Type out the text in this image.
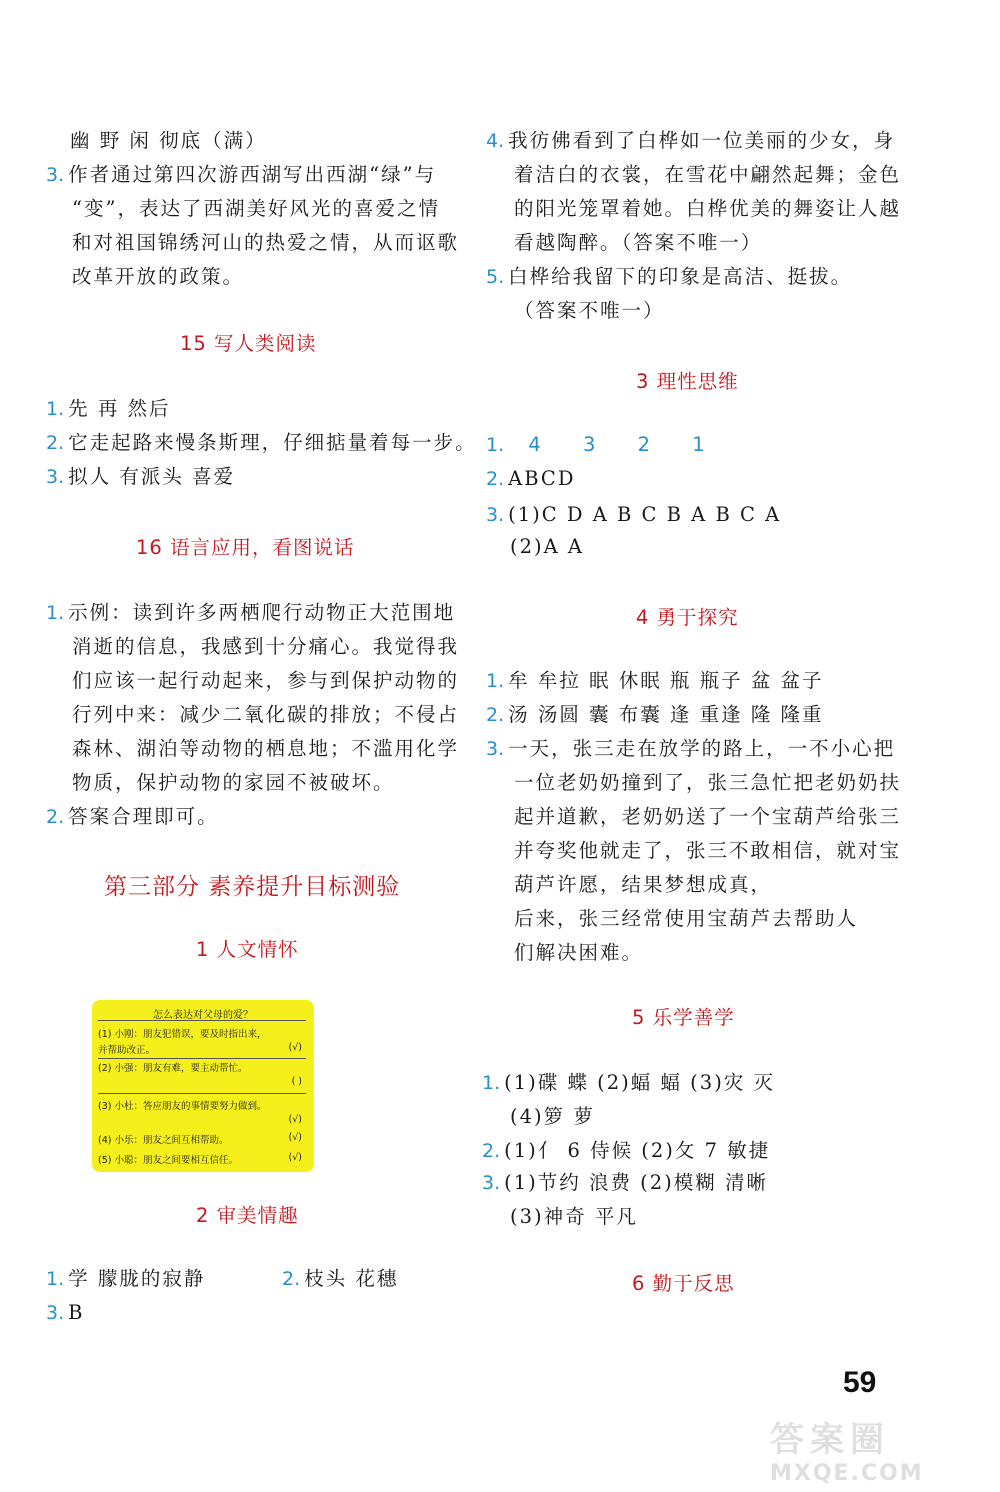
幽 野 闲 彻底（满）
3. 作者通过第四次游西湖写出西湖“绿”与
“变”，表达了西湖美好风光的喜爱之情
和对祖国锦绣河山的热爱之情，从而讴歌
改革开放的政策。
15 写人类阅读
1. 先 再 然后
2. 它走起路来慢条斯理，仔细掂量着每一步。
3. 拟人 有派头 喜爱
16 语言应用，看图说话
1. 示例：读到许多两栖爬行动物正大范围地
消逝的信息，我感到十分痛心。我觉得我
们应该一起行动起来，参与到保护动物的
行列中来：减少二氧化碳的排放；不侵占
森林、湖泊等动物的栖息地；不滥用化学
物质，保护动物的家园不被破坏。
2. 答案合理即可。
第三部分 素养提升目标测验
1 人文情怀
怎么表达对父母的爱？
(1) 小刚：朋友犯错误，要及时指出来，
并帮助改正。	(√)
(2) 小强：朋友有难，要主动帮忙。
( )
(3) 小杜：答应朋友的事情要努力做到。
(√)
(4) 小乐：朋友之间互相帮助。	(√)
(5) 小聪：朋友之间要相互信任。	(√)
2 审美情趣
1. 学 朦胧的寂静	2. 枝头 花穗
3. B
4. 我彷佛看到了白桦如一位美丽的少女，身
着洁白的衣裳，在雪花中翩然起舞；金色
的阳光笼罩着她。白桦优美的舞姿让人越
看越陶醉。（答案不唯一）
5. 白桦给我留下的印象是高洁、挺拔。
（答案不唯一）
3 理性思维
1. 4 3 2 1
2. ABCD
3. (1)C D A B C B A B C A
(2)A A
4 勇于探究
1. 牟 牟拉 眠 休眠 瓶 瓶子 盆 盆子
2. 汤 汤圆 囊 布囊 逢 重逢 隆 隆重
3. 一天，张三走在放学的路上，一不小心把
一位老奶奶撞到了，张三急忙把老奶奶扶
起并道歉，老奶奶送了一个宝葫芦给张三
并夸奖他就走了，张三不敢相信，就对宝
葫芦许愿，结果梦想成真，
后来，张三经常使用宝葫芦去帮助人
们解决困难。
5 乐学善学
1. (1)碟 蝶 (2)蝠 蝠 (3)灾 灭
(4)箩 萝
2. (1)亻 6 侍候 (2)攵 7 敏捷
3. (1)节约 浪费 (2)模糊 清晰
(3)神奇 平凡
6 勤于反思
59
答案圈
MXQE.COM
